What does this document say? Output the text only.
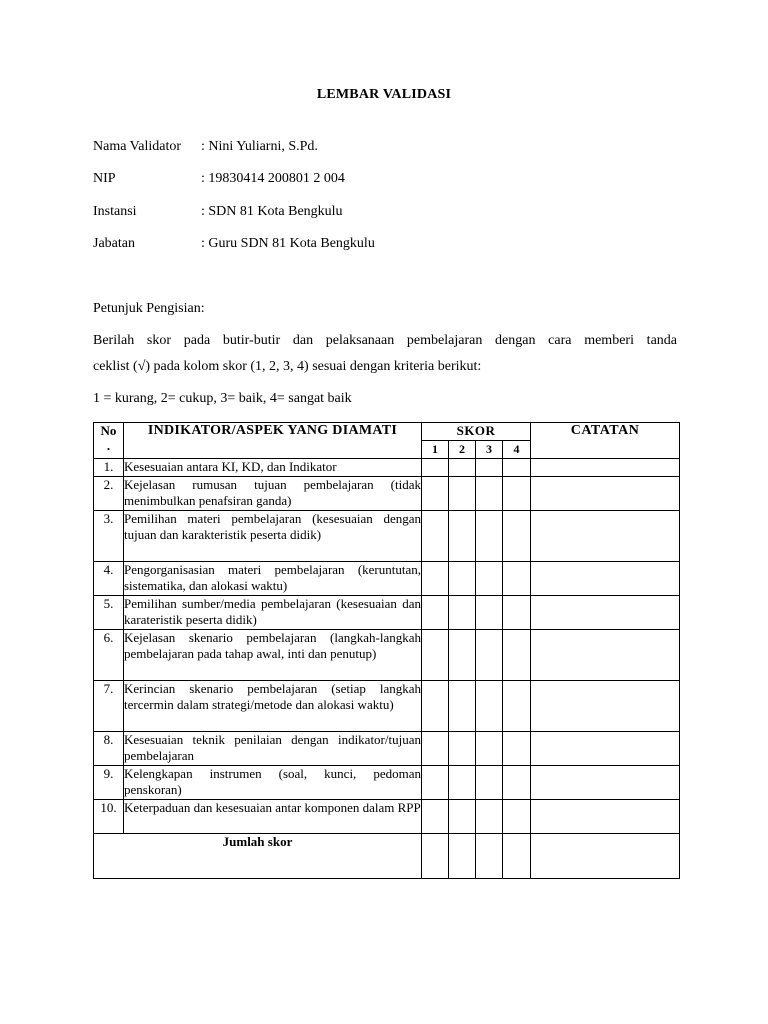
LEMBAR VALIDASI
Nama Validator : Nini Yuliarni, S.Pd.
NIP	: 19830414 200801 2 004
Instansi	: SDN 81 Kota Bengkulu
Jabatan	: Guru SDN 81 Kota Bengkulu
Petunjuk Pengisian:
Berilah skor pada butir-butir dan pelaksanaan pembelajaran dengan cara memberi tanda
ceklist (√) pada kolom skor (1, 2, 3, 4) sesuai dengan kriteria berikut:
1 = kurang, 2= cukup, 3= baik, 4= sangat baik
No
.	INDIKATOR/ASPEK YANG DIAMATI	SKOR				CATATAN
		1	2	3	4	
1.	Kesesuaian antara KI, KD, dan Indikator					
2.	Kejelasan rumusan tujuan pembelajaran (tidak menimbulkan penafsiran ganda)					
3.	Pemilihan materi pembelajaran (kesesuaian dengan tujuan dan karakteristik peserta didik)					
4.	Pengorganisasian materi pembelajaran (keruntutan, sistematika, dan alokasi waktu)					
5.	Pemilihan sumber/media pembelajaran (kesesuaian dan karateristik peserta didik)					
6.	Kejelasan skenario pembelajaran (langkah-langkah pembelajaran pada tahap awal, inti dan penutup)					
7.	Kerincian skenario pembelajaran (setiap langkah tercermin dalam strategi/metode dan alokasi waktu)					
8.	Kesesuaian teknik penilaian dengan indikator/tujuan pembelajaran					
9.	Kelengkapan instrumen (soal, kunci, pedoman penskoran)					
10.	Keterpaduan dan kesesuaian antar komponen dalam RPP					
Jumlah skor						
